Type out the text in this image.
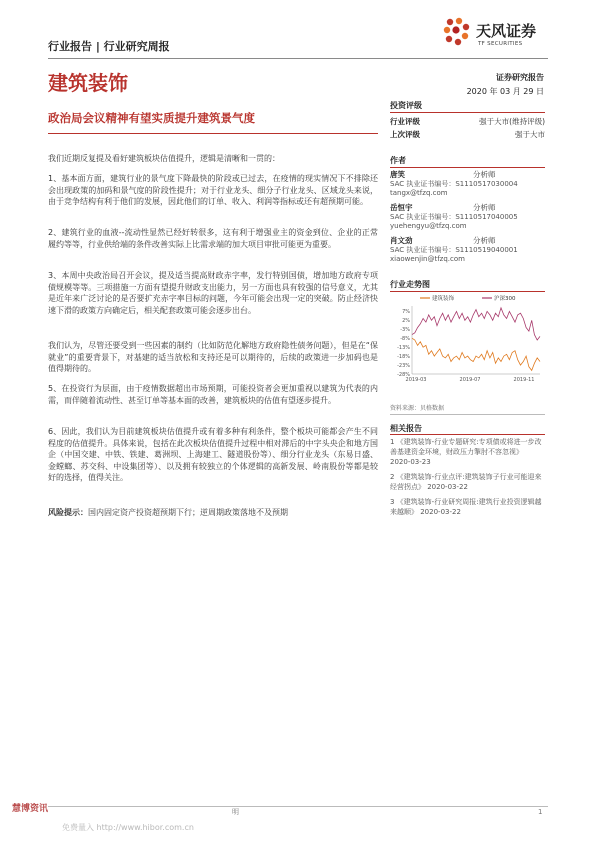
行业报告 | 行业研究周报
天风证券
TF SECURITIES
建筑装饰	证券研究报告
2020 年 03 月 29 日
政治局会议精神有望实质提升建筑景气度

我们近期反复提及看好建筑板块估值提升，逻辑是清晰和一贯的：

1、基本面方面，建筑行业的景气度下降最快的阶段或已过去，在疫情的现实情况下不排除还会出现政策的加码和景气度的阶段性提升；对于行业龙头、细分子行业龙头、区域龙头来说，由于竞争结构有利于他们的发展，因此他们的订单、收入、利润等指标或还有超预期可能。

2、建筑行业的血液--流动性显然已经好转很多，这有利于增强业主的资金到位、企业的正常履约等等，行业供给端的条件改善实际上比需求端的加大项目审批可能更为重要。

3、本周中央政治局召开会议，提及适当提高财政赤字率，发行特别国债，增加地方政府专项债规模等等。三项措施一方面有望提升财政支出能力，另一方面也具有较强的信号意义，尤其是近年来广泛讨论的是否要扩充赤字率目标的问题，今年可能会出现一定的突破。防止经济快速下滑的政策方向确定后，相关配套政策可能会逐步出台。

我们认为，尽管还要受到一些因素的制约（比如防范化解地方政府隐性债务问题），但是在“保就业”的重要背景下，对基建的适当放松和支持还是可以期待的，后续的政策进一步加码也是值得期待的。

5、在投资行为层面，由于疫情数据超出市场预期，可能投资者会更加重视以建筑为代表的内需，而伴随着流动性、甚至订单等基本面的改善，建筑板块的估值有望逐步提升。

6、因此，我们认为目前建筑板块估值提升或有着多种有利条件，整个板块可能都会产生不同程度的估值提升。具体来说，包括在此次板块估值提升过程中相对滞后的中字头央企和地方国企（中国交建、中铁、铁建、葛洲坝、上海建工、隧道股份等）、细分行业龙头（东易日盛、金螳螂、苏交科、中设集团等）、以及拥有较独立的个体逻辑的高新发展、岭南股份等都是较好的选择，值得关注。

风险提示：国内固定资产投资超预期下行；逆周期政策落地不及预期

投资评级
行业评级	强于大市(维持评级)
上次评级	强于大市
作者
唐笑	分析师
SAC 执业证书编号：S1110517030004
tangx@tfzq.com
岳恒宇	分析师
SAC 执业证书编号：S1110517040005
yuehengyu@tfzq.com
肖文劲	分析师
SAC 执业证书编号：S1110519040001
xiaowenjin@tfzq.com
行业走势图
建筑装饰	沪深300
7%
2%
-3%
-8%
-13%
-18%
-23%
-28%
2019-03	2019-07	2019-11
资料来源：贝格数据
相关报告

1 《建筑装饰-行业专题研究:专项债或将进一步改善基建资金环境，财政压力掣肘不容忽视》 2020-03-23

2 《建筑装饰-行业点评:建筑装饰子行业可能迎来经营拐点》 2020-03-22

3 《建筑装饰-行业研究周报:建筑行业投资逻辑越来越顺》 2020-03-22

明	1
慧博资讯
免费量入 http://www.hibor.com.cn
